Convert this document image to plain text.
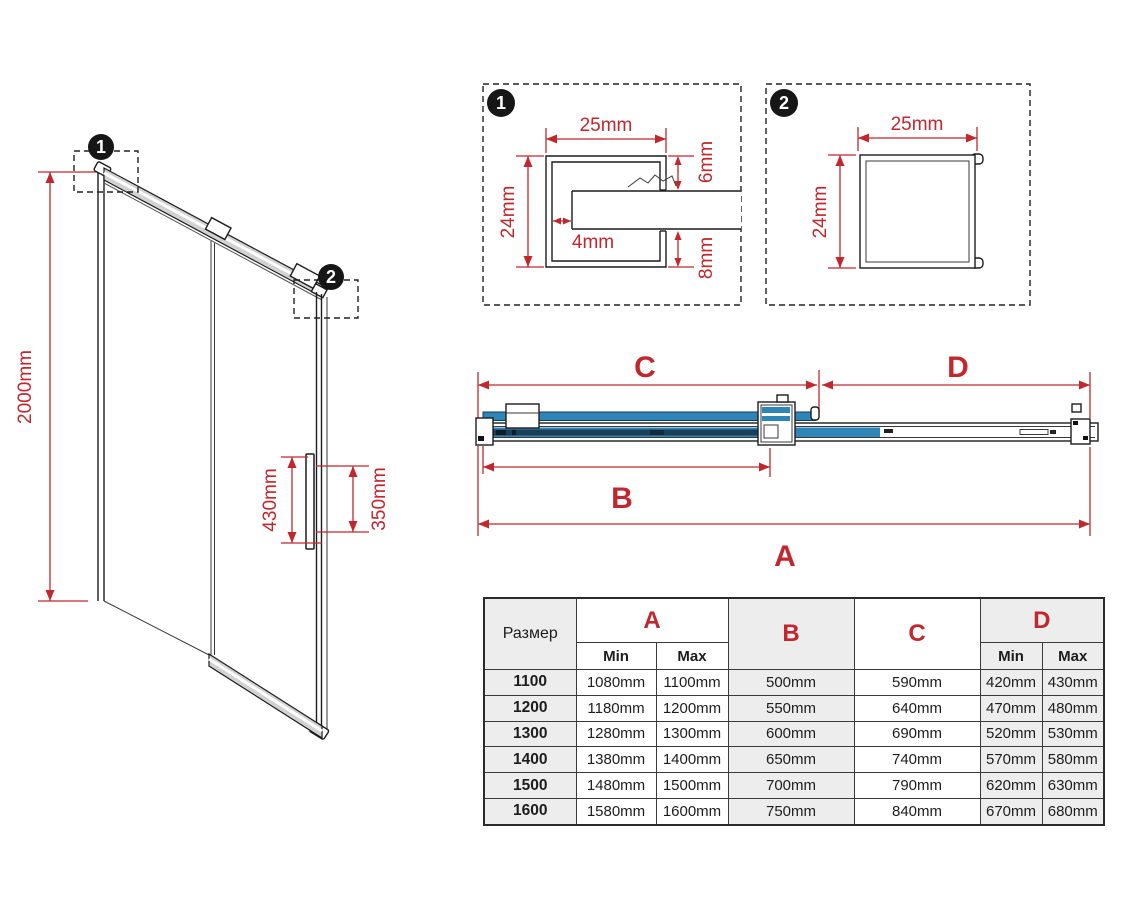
2000mm
430mm	350mm
1
2
25mm
24mm
6mm
8mm
4mm
1
25mm
24mm
2
C	D
B
A
Размер	A		B	C	D	
	Min	Max			Min	Max
1100	1080mm	1100mm	500mm	590mm	420mm	430mm
1200	1180mm	1200mm	550mm	640mm	470mm	480mm
1300	1280mm	1300mm	600mm	690mm	520mm	530mm
1400	1380mm	1400mm	650mm	740mm	570mm	580mm
1500	1480mm	1500mm	700mm	790mm	620mm	630mm
1600	1580mm	1600mm	750mm	840mm	670mm	680mm
